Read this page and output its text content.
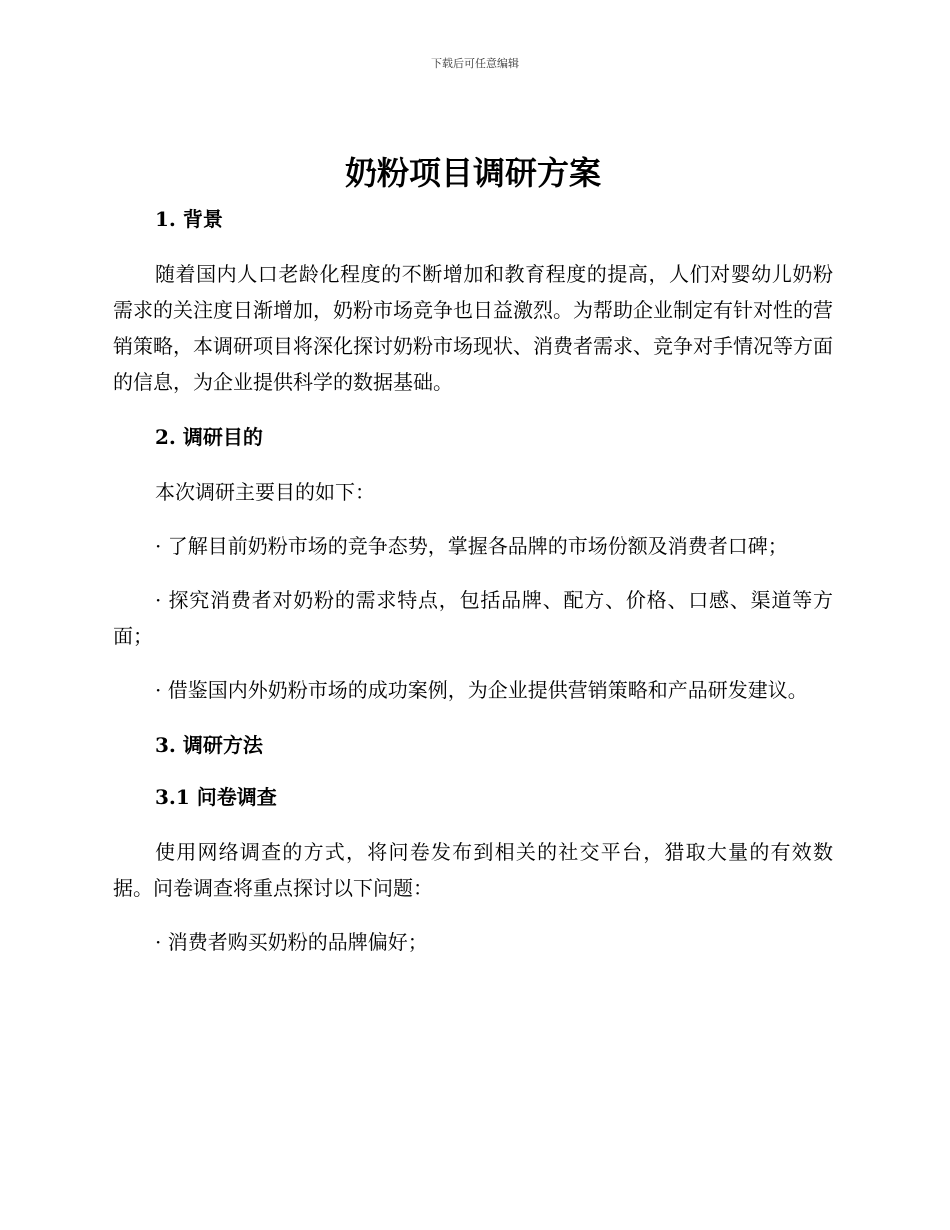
下载后可任意编辑
奶粉项目调研方案
1. 背景

随着国内人口老龄化程度的不断增加和教育程度的提高，人们对婴幼儿奶粉需求的关注度日渐增加，奶粉市场竞争也日益激烈。为帮助企业制定有针对性的营销策略，本调研项目将深化探讨奶粉市场现状、消费者需求、竞争对手情况等方面的信息，为企业提供科学的数据基础。

2. 调研目的

本次调研主要目的如下：

· 了解目前奶粉市场的竞争态势，掌握各品牌的市场份额及消费者口碑；

· 探究消费者对奶粉的需求特点，包括品牌、配方、价格、口感、渠道等方面；

· 借鉴国内外奶粉市场的成功案例，为企业提供营销策略和产品研发建议。

3. 调研方法
3.1 问卷调查

使用网络调查的方式，将问卷发布到相关的社交平台，猎取大量的有效数据。问卷调查将重点探讨以下问题：

· 消费者购买奶粉的品牌偏好；
